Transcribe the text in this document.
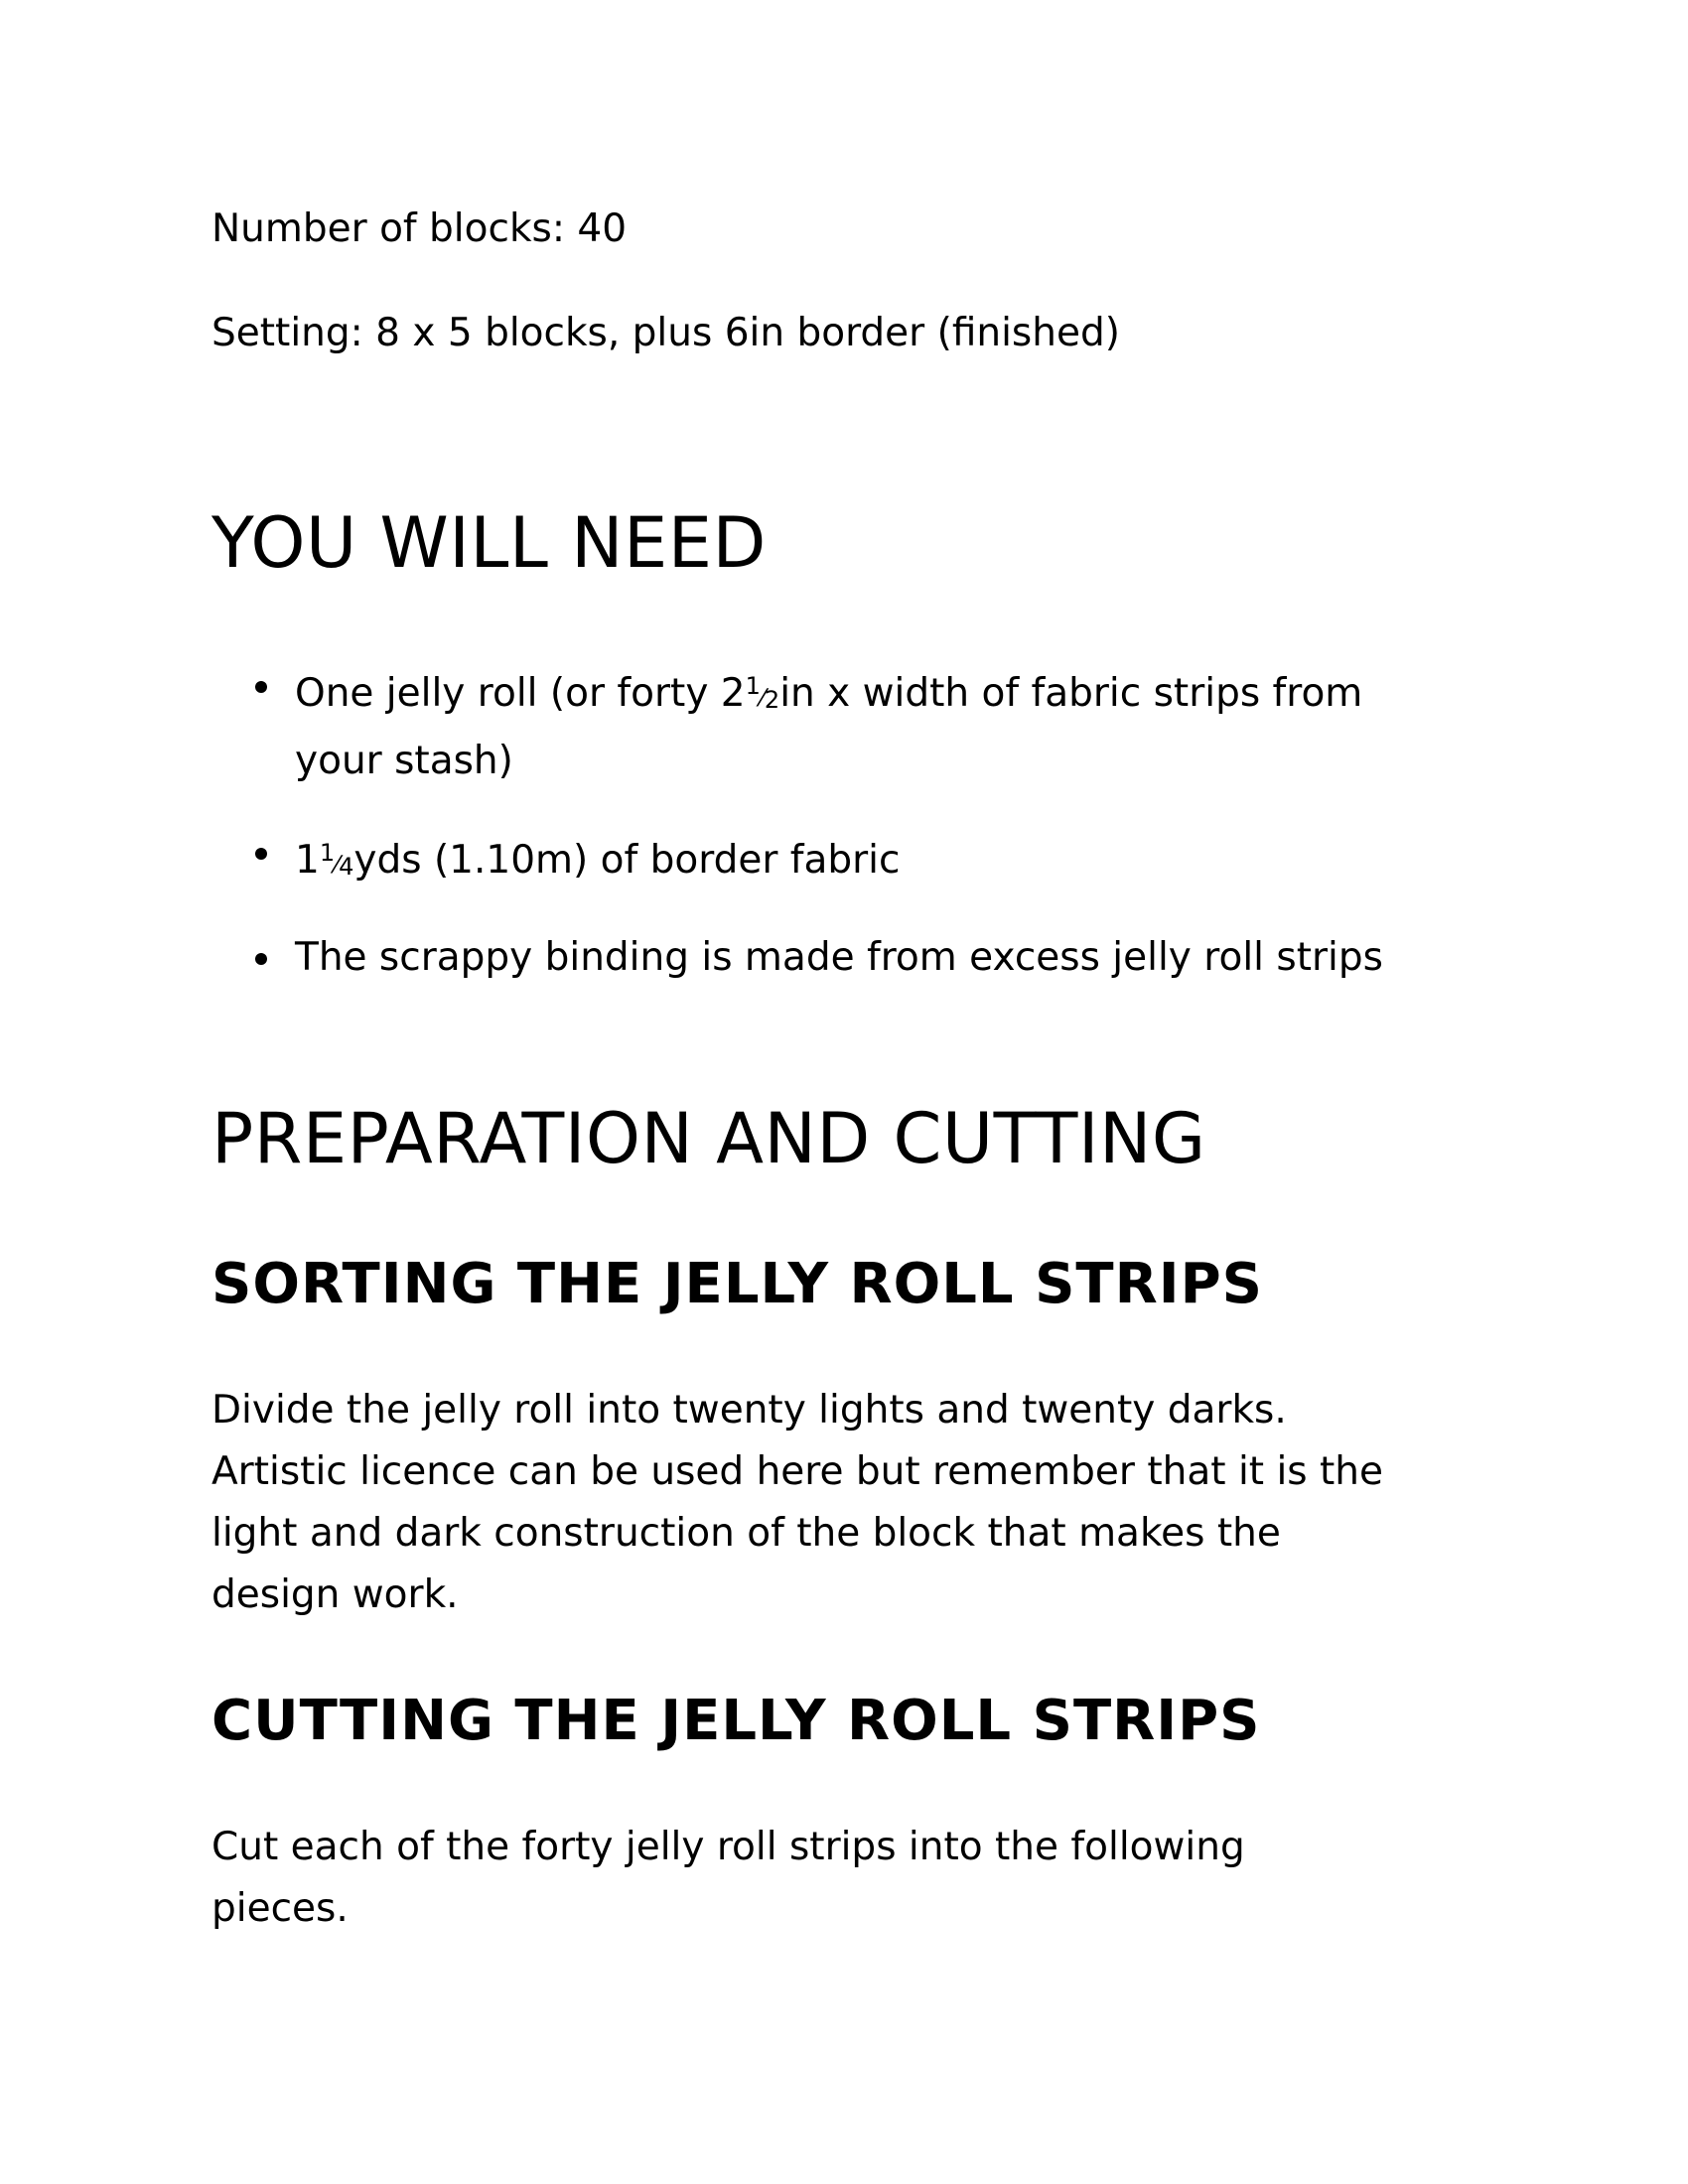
Number of blocks: 40
Setting: 8 x 5 blocks, plus 6in border (finished)
YOU WILL NEED
One jelly roll (or forty 21⁄2in x width of fabric strips from
your stash)
11⁄4yds (1.10m) of border fabric
The scrappy binding is made from excess jelly roll strips
PREPARATION AND CUTTING
SORTING THE JELLY ROLL STRIPS
Divide the jelly roll into twenty lights and twenty darks.
Artistic licence can be used here but remember that it is the
light and dark construction of the block that makes the
design work.
CUTTING THE JELLY ROLL STRIPS
Cut each of the forty jelly roll strips into the following
pieces.
